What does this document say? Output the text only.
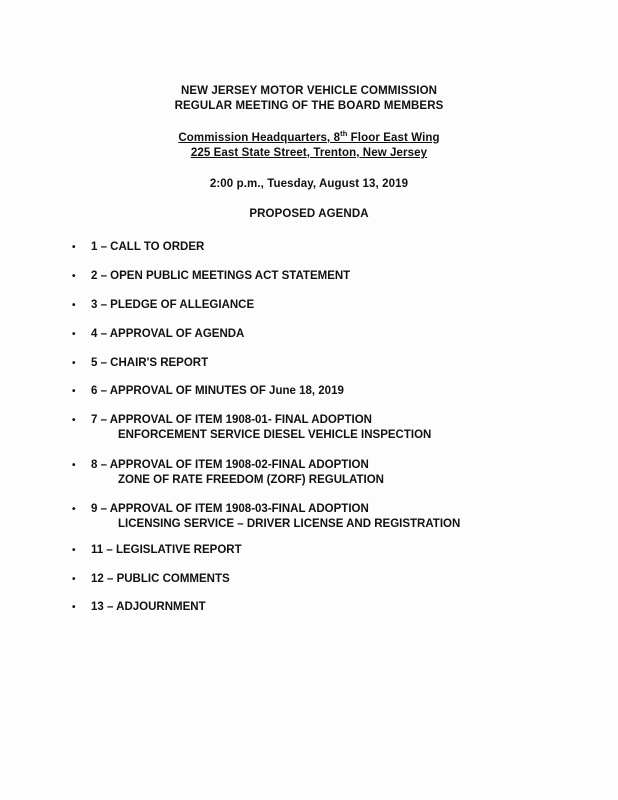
NEW JERSEY MOTOR VEHICLE COMMISSION
REGULAR MEETING OF THE BOARD MEMBERS
Commission Headquarters, 8th Floor East Wing
225 East State Street, Trenton, New Jersey
2:00 p.m., Tuesday, August 13, 2019
PROPOSED AGENDA
•	1 – CALL TO ORDER
•	2 – OPEN PUBLIC MEETINGS ACT STATEMENT
•	3 – PLEDGE OF ALLEGIANCE
•	4 – APPROVAL OF AGENDA
•	5 – CHAIR'S REPORT
•	6 – APPROVAL OF MINUTES OF June 18, 2019
•	7 – APPROVAL OF ITEM 1908-01- FINAL ADOPTION
ENFORCEMENT SERVICE DIESEL VEHICLE INSPECTION
•	8 – APPROVAL OF ITEM 1908-02-FINAL ADOPTION
ZONE OF RATE FREEDOM (ZORF) REGULATION
•	9 – APPROVAL OF ITEM 1908-03-FINAL ADOPTION
LICENSING SERVICE – DRIVER LICENSE AND REGISTRATION
•	11 – LEGISLATIVE REPORT
•	12 – PUBLIC COMMENTS
•	13 – ADJOURNMENT
